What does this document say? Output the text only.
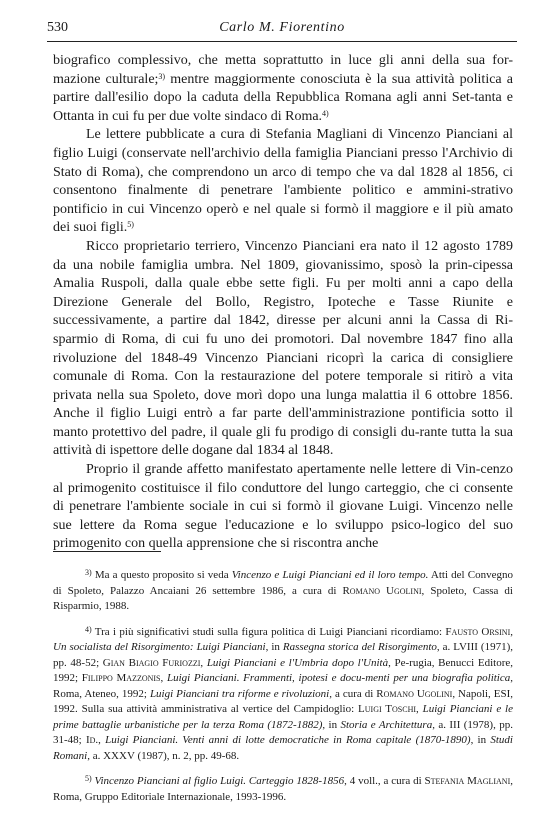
530	Carlo M. Fiorentino

biografico complessivo, che metta soprattutto in luce gli anni della sua for-mazione culturale;$^{3)}$ mentre maggiormente conosciuta è la sua attività politica a partire dall'esilio dopo la caduta della Repubblica Romana agli anni Set-tanta e Ottanta in cui fu per due volte sindaco di Roma.$^{4)}$

Le lettere pubblicate a cura di Stefania Magliani di Vincenzo Pianciani al figlio Luigi (conservate nell'archivio della famiglia Pianciani presso l'Archivio di Stato di Roma), che comprendono un arco di tempo che va dal 1828 al 1856, ci consentono finalmente di penetrare l'ambiente politico e ammini-strativo pontificio in cui Vincenzo operò e nel quale si formò il maggiore e il più amato dei suoi figli.$^{5)}$

Ricco proprietario terriero, Vincenzo Pianciani era nato il 12 agosto 1789 da una nobile famiglia umbra. Nel 1809, giovanissimo, sposò la prin-cipessa Amalia Ruspoli, dalla quale ebbe sette figli. Fu per molti anni a capo della Direzione Generale del Bollo, Registro, Ipoteche e Tasse Riunite e successivamente, a partire dal 1842, diresse per alcuni anni la Cassa di Ri-sparmio di Roma, di cui fu uno dei promotori. Dal novembre 1847 fino alla rivoluzione del 1848-49 Vincenzo Pianciani ricoprì la carica di consigliere comunale di Roma. Con la restaurazione del potere temporale si ritirò a vita privata nella sua Spoleto, dove morì dopo una lunga malattia il 6 ottobre 1856. Anche il figlio Luigi entrò a far parte dell'amministrazione pontificia sotto il manto protettivo del padre, il quale gli fu prodigo di consigli du-rante tutta la sua attività di ispettore delle dogane dal 1834 al 1848.

Proprio il grande affetto manifestato apertamente nelle lettere di Vin-cenzo al primogenito costituisce il filo conduttore del lungo carteggio, che ci consente di penetrare l'ambiente sociale in cui si formò il giovane Luigi. Vincenzo nelle sue lettere da Roma segue l'educazione e lo sviluppo psico-logico del suo primogenito con quella apprensione che si riscontra anche

$^{3)}$ Ma a questo proposito si veda Vincenzo e Luigi Pianciani ed il loro tempo. Atti del Convegno di Spoleto, Palazzo Ancaiani 26 settembre 1986, a cura di Romano Ugolini, Spoleto, Cassa di Risparmio, 1988.

$^{4)}$ Tra i più significativi studi sulla figura politica di Luigi Pianciani ricordiamo: Fausto Orsini, Un socialista del Risorgimento: Luigi Pianciani, in Rassegna storica del Risorgimento, a. LVIII (1971), pp. 48-52; Gian Biagio Furiozzi, Luigi Pianciani e l'Umbria dopo l'Unità, Pe-rugia, Benucci Editore, 1992; Filippo Mazzonis, Luigi Pianciani. Frammenti, ipotesi e docu-menti per una biografia politica, Roma, Ateneo, 1992; Luigi Pianciani tra riforme e rivoluzioni, a cura di Romano Ugolini, Napoli, ESI, 1992. Sulla sua attività amministrativa al vertice del Campidoglio: Luigi Toschi, Luigi Pianciani e le prime battaglie urbanistiche per la terza Roma (1872-1882), in Storia e Architettura, a. III (1978), pp. 31-48; Id., Luigi Pianciani. Venti anni di lotte democratiche in Roma capitale (1870-1890), in Studi Romani, a. XXXV (1987), n. 2, pp. 49-68.

$^{5)}$ Vincenzo Pianciani al figlio Luigi. Carteggio 1828-1856, 4 voll., a cura di Stefania Magliani, Roma, Gruppo Editoriale Internazionale, 1993-1996.
